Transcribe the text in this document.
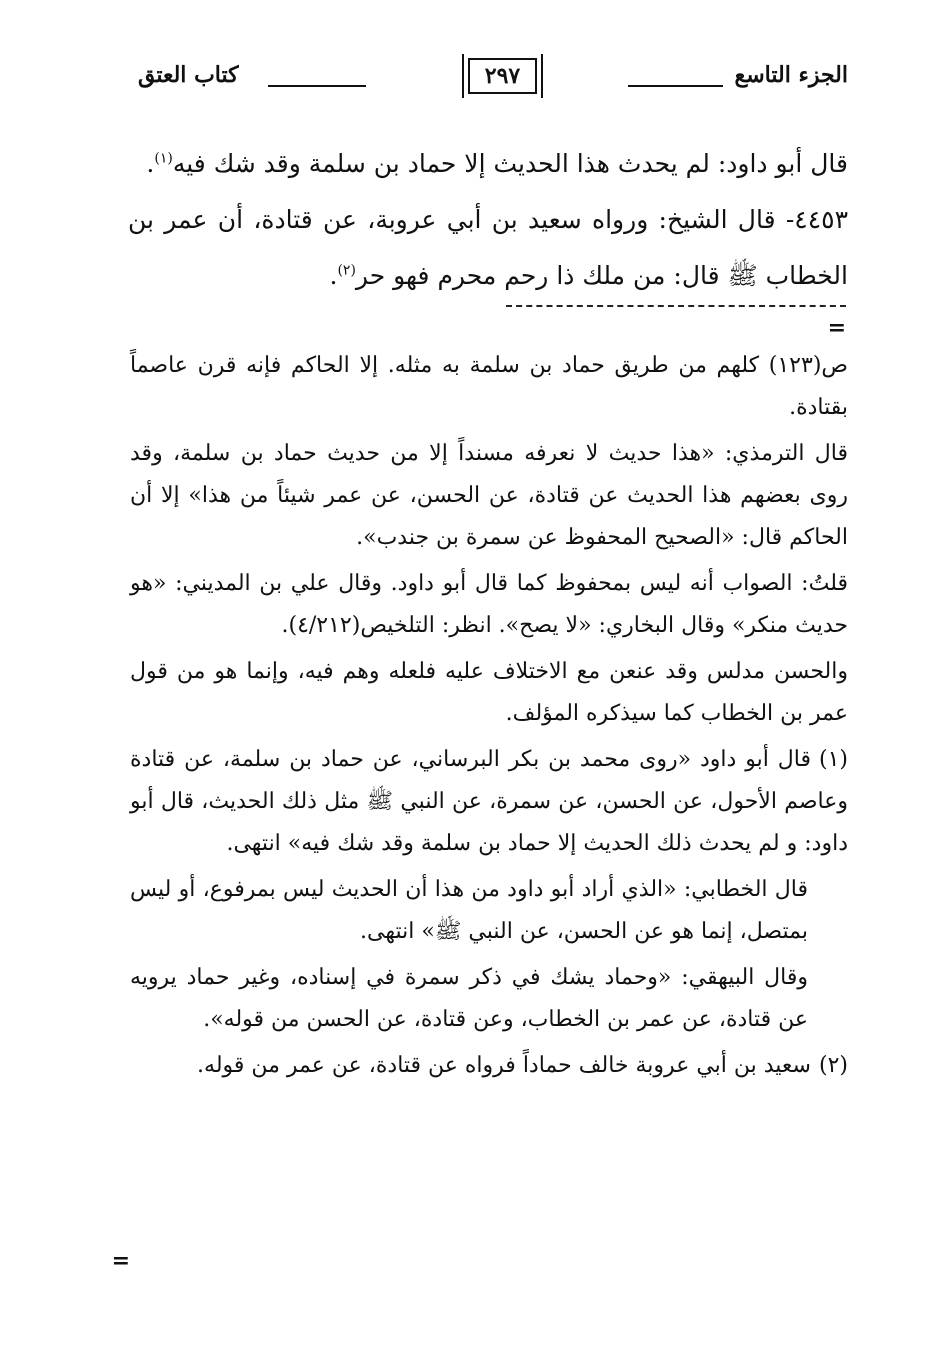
الجزء التاسع
٢٩٧
كتاب العتق

قال أبو داود: لم يحدث هذا الحديث إلا حماد بن سلمة وقد شك فيه$^{(١)}$.

٤٤٥٣- قال الشيخ: ورواه سعيد بن أبي عروبة، عن قتادة، أن عمر بن الخطاب ﷺ قال: من ملك ذا رحم محرم فهو حر$^{(٢)}$.

=

ص(١٢٣) كلهم من طريق حماد بن سلمة به مثله. إلا الحاكم فإنه قرن عاصماً بقتادة.

قال الترمذي: «هذا حديث لا نعرفه مسنداً إلا من حديث حماد بن سلمة، وقد روى بعضهم هذا الحديث عن قتادة، عن الحسن، عن عمر شيئاً من هذا» إلا أن الحاكم قال: «الصحيح المحفوظ عن سمرة بن جندب».

قلتُ: الصواب أنه ليس بمحفوظ كما قال أبو داود. وقال علي بن المديني: «هو حديث منكر» وقال البخاري: «لا يصح». انظر: التلخيص(٤/٢١٢).

والحسن مدلس وقد عنعن مع الاختلاف عليه فلعله وهم فيه، وإنما هو من قول عمر بن الخطاب كما سيذكره المؤلف.

(١)قال أبو داود «روى محمد بن بكر البرساني، عن حماد بن سلمة، عن قتادة وعاصم الأحول، عن الحسن، عن سمرة، عن النبي ﷺ مثل ذلك الحديث، قال أبو داود: و لم يحدث ذلك الحديث إلا حماد بن سلمة وقد شك فيه» انتهى.

قال الخطابي: «الذي أراد أبو داود من هذا أن الحديث ليس بمرفوع، أو ليس بمتصل، إنما هو عن الحسن، عن النبي ﷺ» انتهى.

وقال البيهقي: «وحماد يشك في ذكر سمرة في إسناده، وغير حماد يرويه عن قتادة، عن عمر بن الخطاب، وعن قتادة، عن الحسن من قوله».

(٢)سعيد بن أبي عروبة خالف حماداً فرواه عن قتادة، عن عمر من قوله.

=
